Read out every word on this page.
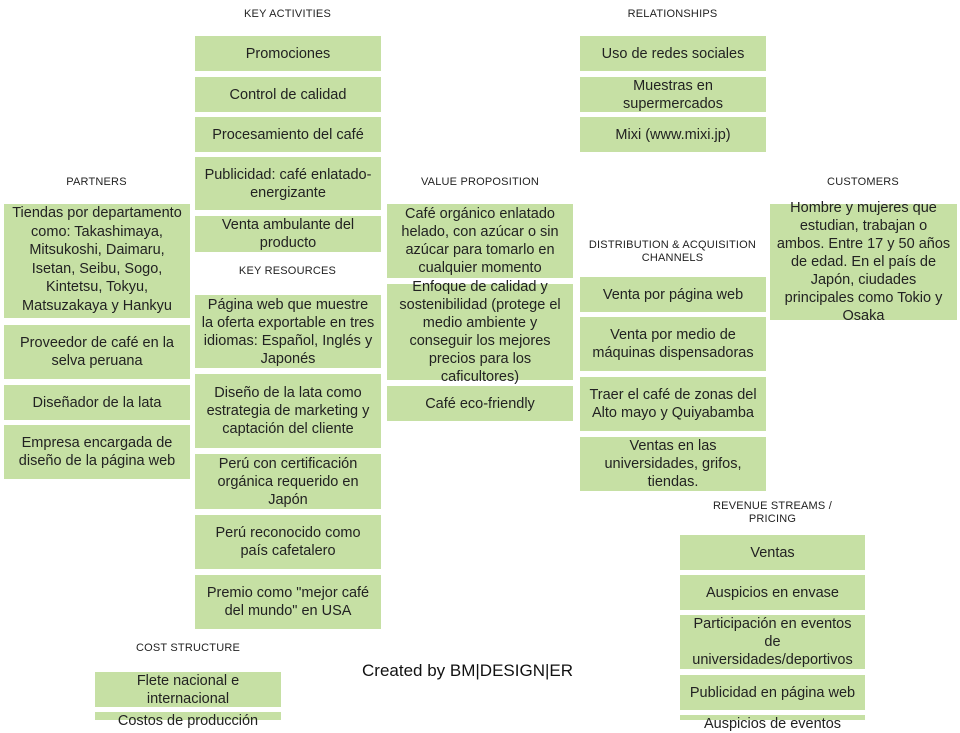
KEY ACTIVITIES	RELATIONSHIPS
PARTNERS	VALUE PROPOSITION	CUSTOMERS
KEY RESOURCES
DISTRIBUTION & ACQUISITION CHANNELS
REVENUE STREAMS / PRICING
COST STRUCTURE
Promociones
Control de calidad
Procesamiento del café
Publicidad: café enlatado-energizante
Venta ambulante del producto
Uso de redes sociales
Muestras en supermercados
Mixi (www.mixi.jp)
Tiendas por departamento como: Takashimaya, Mitsukoshi, Daimaru, Isetan, Seibu, Sogo, Kintetsu, Tokyu, Matsuzakaya y Hankyu
Proveedor de café en la selva peruana
Diseñador de la lata
Empresa encargada de diseño de la página web
Café orgánico enlatado helado, con azúcar o sin azúcar para tomarlo en cualquier momento
Enfoque de calidad y sostenibilidad (protege el medio ambiente y conseguir los mejores precios para los caficultores)
Café eco-friendly
Hombre y mujeres que estudian, trabajan o ambos. Entre 17 y 50 años de edad. En el país de Japón, ciudades principales como Tokio y Osaka
Página web que muestre la oferta exportable en tres idiomas: Español, Inglés y Japonés
Diseño de la lata como estrategia de marketing y captación del cliente
Perú con certificación orgánica requerido en Japón
Perú reconocido como país cafetalero
Premio como "mejor café del mundo" en USA
Venta por página web
Venta por medio de máquinas dispensadoras
Traer el café de zonas del Alto mayo y Quiyabamba
Ventas en las universidades, grifos, tiendas.
Ventas
Auspicios en envase
Participación en eventos de universidades/deportivos
Publicidad en página web
Auspicios de eventos
Flete nacional e internacional
Costos de producción
Created by BM|DESIGN|ER
